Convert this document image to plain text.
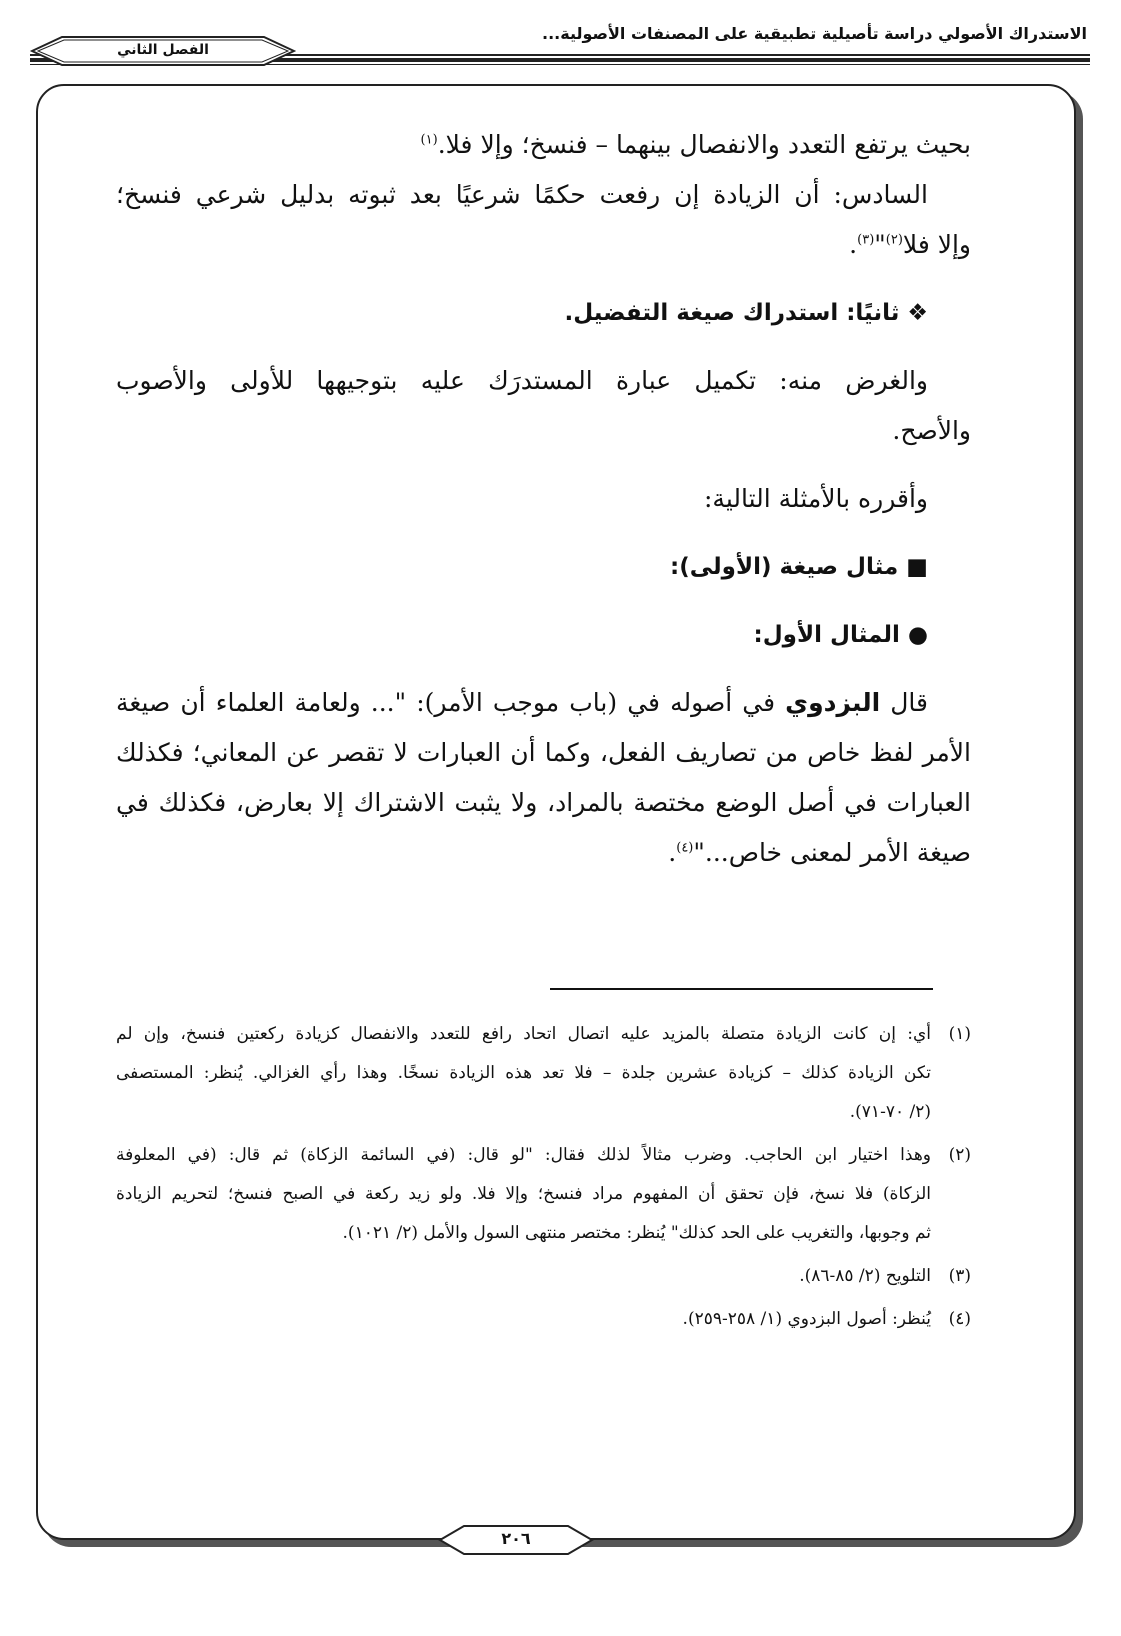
الاستدراك الأصولي دراسة تأصيلية تطبيقية على المصنفات الأصولية...
الفصل الثاني
بحيث يرتفع التعدد والانفصال بينهما – فنسخ؛ وإلا فلا.$^{(١)}$
السادس: أن الزيادة إن رفعت حكمًا شرعيًا بعد ثبوته بدليل شرعي فنسخ؛
وإلا فلا$^{(٢)}$"$^{(٣)}$.
❖ ثانيًا: استدراك صيغة التفضيل.
والغرض منه: تكميل عبارة المستدرَك عليه بتوجيهها للأولى والأصوب
والأصح.
وأقرره بالأمثلة التالية:
■ مثال صيغة (الأولى):
● المثال الأول:
قال البزدوي في أصوله في (باب موجب الأمر): "... ولعامة العلماء أن صيغة
الأمر لفظ خاص من تصاريف الفعل، وكما أن العبارات لا تقصر عن المعاني؛ فكذلك
العبارات في أصل الوضع مختصة بالمراد، ولا يثبت الاشتراك إلا بعارض، فكذلك في
صيغة الأمر لمعنى خاص..."$^{(٤)}$.
(١)
أي: إن كانت الزيادة متصلة بالمزيد عليه اتصال اتحاد رافع للتعدد والانفصال كزيادة ركعتين فنسخ، وإن لم
تكن الزيادة كذلك – كزيادة عشرين جلدة – فلا تعد هذه الزيادة نسخًا. وهذا رأي الغزالي. يُنظر: المستصفى
(٢/ ٧٠-٧١).
(٢)
وهذا اختيار ابن الحاجب. وضرب مثالاً لذلك فقال: "لو قال: (في السائمة الزكاة) ثم قال: (في المعلوفة
الزكاة) فلا نسخ، فإن تحقق أن المفهوم مراد فنسخ؛ وإلا فلا. ولو زيد ركعة في الصبح فنسخ؛ لتحريم الزيادة
ثم وجوبها، والتغريب على الحد كذلك" يُنظر: مختصر منتهى السول والأمل (٢/ ١٠٢١).
(٣)
التلويح (٢/ ٨٥-٨٦).
(٤)
يُنظر: أصول البزدوي (١/ ٢٥٨-٢٥٩).
٢٠٦
